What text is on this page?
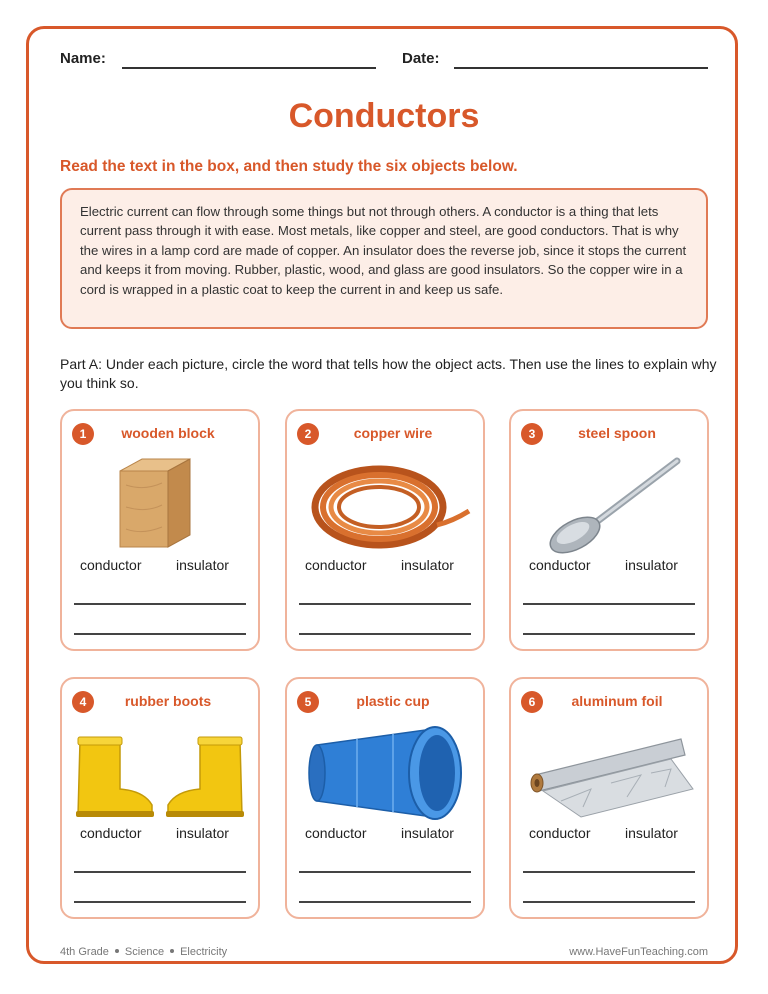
Name:	Date:
Conductors
Read the text in the box, and then study the six objects below.
Electric current can flow through some things but not through others. A conductor is a thing that lets current pass through it with ease. Most metals, like copper and steel, are good conductors. That is why the wires in a lamp cord are made of copper. An insulator does the reverse job, since it stops the current and keeps it from moving. Rubber, plastic, wood, and glass are good insulators. So the copper wire in a cord is wrapped in a plastic coat to keep the current in and keep us safe.
Part A: Under each picture, circle the word that tells how the object acts. Then use the lines to explain why you think so.
1	wooden block
conductor insulator
2	copper wire
conductor insulator
3	steel spoon
conductor insulator
4	rubber boots
conductor insulator
5	plastic cup
conductor insulator
6	aluminum foil
conductor insulator
4th Grade Science Electricity	www.HaveFunTeaching.com
